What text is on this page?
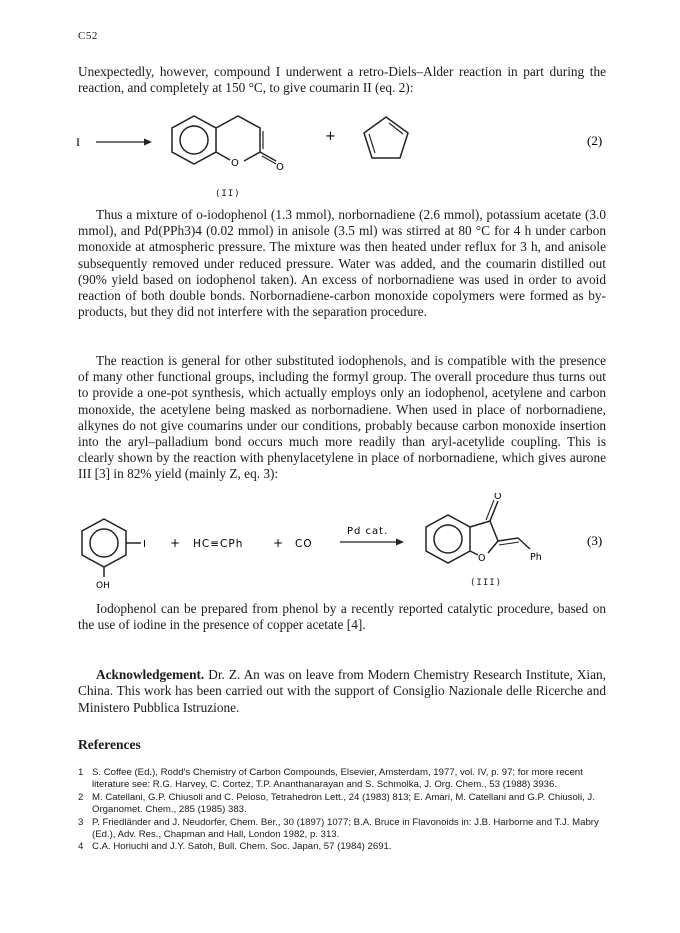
C52

Unexpectedly, however, compound I underwent a retro-Diels–Alder reaction in part during the reaction, and completely at 150 °C, to give coumarin II (eq. 2):

I
O	O
+	(2)
(II)

Thus a mixture of o-iodophenol (1.3 mmol), norbornadiene (2.6 mmol), potassium acetate (3.0 mmol), and Pd(PPh3)4 (0.02 mmol) in anisole (3.5 ml) was stirred at 80 °C for 4 h under carbon monoxide at atmospheric pressure. The mixture was then heated under reflux for 3 h, and anisole subsequently removed under reduced pressure. Water was added, and the coumarin distilled out (90% yield based on iodophenol taken). An excess of norbornadiene was used in order to avoid reaction of both double bonds. Norbornadiene-carbon monoxide copolymers were formed as by-products, but they did not interfere with the separation procedure.

The reaction is general for other substituted iodophenols, and is compatible with the presence of many other functional groups, including the formyl group. The overall procedure thus turns out to provide a one-pot synthesis, which actually employs only an iodophenol, acetylene and carbon monoxide, the acetylene being masked as norbornadiene. When used in place of norbornadiene, alkynes do not give coumarins under our conditions, probably because carbon monoxide insertion into the aryl–palladium bond occurs much more readily than aryl-acetylide coupling. This is clearly shown by the reaction with phenylacetylene in place of norbornadiene, which gives aurone III [3] in 82% yield (mainly Z, eq. 3):

I
OH
+ HC≡CPh + CO
Pd cat.
O
O	Ph
(3)
(III)

Iodophenol can be prepared from phenol by a recently reported catalytic procedure, based on the use of iodine in the presence of copper acetate [4].

Acknowledgement. Dr. Z. An was on leave from Modern Chemistry Research Institute, Xian, China. This work has been carried out with the support of Consiglio Nazionale delle Ricerche and Ministero Pubblica Istruzione.
References
1 S. Coffee (Ed.), Rodd's Chemistry of Carbon Compounds, Elsevier, Amsterdam, 1977, vol. IV, p. 97; for more recent literature see: R.G. Harvey, C. Cortez, T.P. Ananthanarayan and S. Schmolka, J. Org. Chem., 53 (1988) 3936.
2 M. Catellani, G.P. Chiusoli and C. Peloso, Tetrahedron Lett., 24 (1983) 813; E. Amari, M. Catellani and G.P. Chiusoli, J. Organomet. Chem., 285 (1985) 383.
3 P. Friedländer and J. Neudorfer, Chem. Ber., 30 (1897) 1077; B.A. Bruce in Flavonoids in: J.B. Harborne and T.J. Mabry (Ed.), Adv. Res., Chapman and Hall, London 1982, p. 313.
4 C.A. Horiuchi and J.Y. Satoh, Bull. Chem. Soc. Japan, 57 (1984) 2691.
